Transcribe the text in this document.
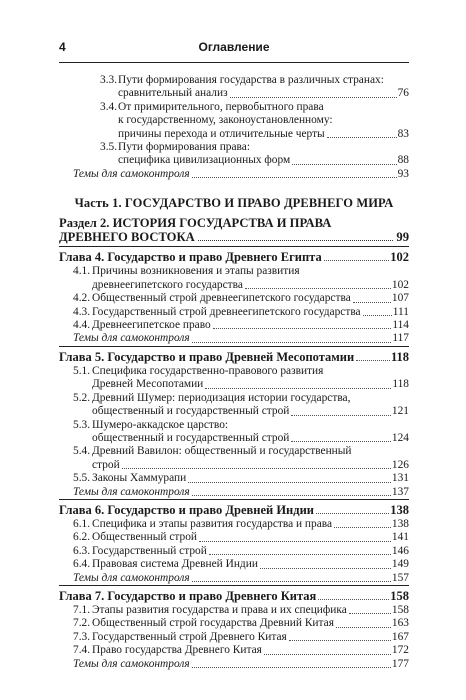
4	Оглавление
3.3. Пути формирования государства в различных странах:
сравнительный анализ	76
3.4. От примирительного, первобытного права
к государственному, законоустановленному:
причины перехода и отличительные черты	83
3.5. Пути формирования права:
специфика цивилизационных форм	88
Темы для самоконтроля	93
Часть 1. ГОСУДАРСТВО И ПРАВО ДРЕВНЕГО МИРА
Раздел 2. ИСТОРИЯ ГОСУДАРСТВА И ПРАВА
ДРЕВНЕГО ВОСТОКА	99
Глава 4. Государство и право Древнего Египта	102
4.1. Причины возникновения и этапы развития
древнеегипетского государства	102
4.2. Общественный строй древнеегипетского государства	107
4.3. Государственный строй древнеегипетского государства	111
4.4. Древнеегипетское право	114
Темы для самоконтроля	117
Глава 5. Государство и право Древней Месопотамии	118
5.1. Специфика государственно-правового развития
Древней Месопотамии	118
5.2. Древний Шумер: периодизация истории государства,
общественный и государственный строй	121
5.3. Шумеро-аккадское царство:
общественный и государственный строй	124
5.4. Древний Вавилон: общественный и государственный
строй	126
5.5. Законы Хаммурапи	131
Темы для самоконтроля	137
Глава 6. Государство и право Древней Индии	138
6.1. Специфика и этапы развития государства и права	138
6.2. Общественный строй	141
6.3. Государственный строй	146
6.4. Правовая система Древней Индии	149
Темы для самоконтроля	157
Глава 7. Государство и право Древнего Китая	158
7.1. Этапы развития государства и права и их специфика	158
7.2. Общественный строй государства Древний Китая	163
7.3. Государственный строй Древнего Китая	167
7.4. Право государства Древнего Китая	172
Темы для самоконтроля	177
